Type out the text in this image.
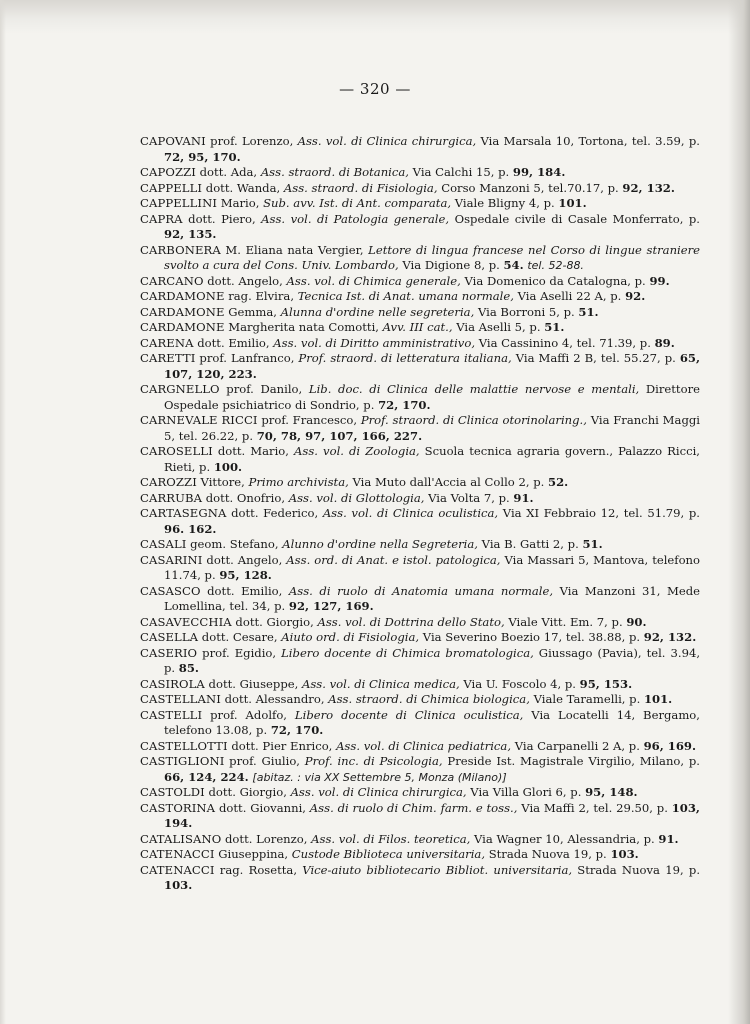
— 320 —

CAPOVANI prof. Lorenzo, Ass. vol. di Clinica chirurgica, Via Marsala 10, Tortona, tel. 3.59, p. 72, 95, 170.

CAPOZZI dott. Ada, Ass. straord. di Botanica, Via Calchi 15, p. 99, 184.

CAPPELLI dott. Wanda, Ass. straord. di Fisiologia, Corso Manzoni 5, tel.70.17, p. 92, 132.

CAPPELLINI Mario, Sub. avv. Ist. di Ant. comparata, Viale Bligny 4, p. 101.

CAPRA dott. Piero, Ass. vol. di Patologia generale, Ospedale civile di Casale Monferrato, p. 92, 135.

CARBONERA M. Eliana nata Vergier, Lettore di lingua francese nel Corso di lingue straniere svolto a cura del Cons. Univ. Lombardo, Via Digione 8, p. 54. tel. 52-88.

CARCANO dott. Angelo, Ass. vol. di Chimica generale, Via Domenico da Catalogna, p. 99.

CARDAMONE rag. Elvira, Tecnica Ist. di Anat. umana normale, Via Aselli 22 A, p. 92.

CARDAMONE Gemma, Alunna d'ordine nelle segreteria, Via Borroni 5, p. 51.

CARDAMONE Margherita nata Comotti, Avv. III cat., Via Aselli 5, p. 51.

CARENA dott. Emilio, Ass. vol. di Diritto amministrativo, Via Cassinino 4, tel. 71.39, p. 89.

CARETTI prof. Lanfranco, Prof. straord. di letteratura italiana, Via Maffi 2 B, tel. 55.27, p. 65, 107, 120, 223.

CARGNELLO prof. Danilo, Lib. doc. di Clinica delle malattie nervose e mentali, Direttore Ospedale psichiatrico di Sondrio, p. 72, 170.

CARNEVALE RICCI prof. Francesco, Prof. straord. di Clinica otorinolaring., Via Franchi Maggi 5, tel. 26.22, p. 70, 78, 97, 107, 166, 227.

CAROSELLI dott. Mario, Ass. vol. di Zoologia, Scuola tecnica agraria govern., Palazzo Ricci, Rieti, p. 100.

CAROZZI Vittore, Primo archivista, Via Muto dall'Accia al Collo 2, p. 52.

CARRUBA dott. Onofrio, Ass. vol. di Glottologia, Via Volta 7, p. 91.

CARTASEGNA dott. Federico, Ass. vol. di Clinica oculistica, Via XI Febbraio 12, tel. 51.79, p. 96. 162.

CASALI geom. Stefano, Alunno d'ordine nella Segreteria, Via B. Gatti 2, p. 51.

CASARINI dott. Angelo, Ass. ord. di Anat. e istol. patologica, Via Massari 5, Mantova, telefono 11.74, p. 95, 128.

CASASCO dott. Emilio, Ass. di ruolo di Anatomia umana normale, Via Manzoni 31, Mede Lomellina, tel. 34, p. 92, 127, 169.

CASAVECCHIA dott. Giorgio, Ass. vol. di Dottrina dello Stato, Viale Vitt. Em. 7, p. 90.

CASELLA dott. Cesare, Aiuto ord. di Fisiologia, Via Severino Boezio 17, tel. 38.88, p. 92, 132.

CASERIO prof. Egidio, Libero docente di Chimica bromatologica, Giussago (Pavia), tel. 3.94, p. 85.

CASIROLA dott. Giuseppe, Ass. vol. di Clinica medica, Via U. Foscolo 4, p. 95, 153.

CASTELLANI dott. Alessandro, Ass. straord. di Chimica biologica, Viale Taramelli, p. 101.

CASTELLI prof. Adolfo, Libero docente di Clinica oculistica, Via Locatelli 14, Bergamo, telefono 13.08, p. 72, 170.

CASTELLOTTI dott. Pier Enrico, Ass. vol. di Clinica pediatrica, Via Carpanelli 2 A, p. 96, 169.

CASTIGLIONI prof. Giulio, Prof. inc. di Psicologia, Preside Ist. Magistrale Virgilio, Milano, p. 66, 124, 224. [abitaz. : via XX Settembre 5, Monza (Milano)]

CASTOLDI dott. Giorgio, Ass. vol. di Clinica chirurgica, Via Villa Glori 6, p. 95, 148.

CASTORINA dott. Giovanni, Ass. di ruolo di Chim. farm. e toss., Via Maffi 2, tel. 29.50, p. 103, 194.

CATALISANO dott. Lorenzo, Ass. vol. di Filos. teoretica, Via Wagner 10, Alessandria, p. 91.

CATENACCI Giuseppina, Custode Biblioteca universitaria, Strada Nuova 19, p. 103.

CATENACCI rag. Rosetta, Vice-aiuto bibliotecario Bibliot. universitaria, Strada Nuova 19, p. 103.
